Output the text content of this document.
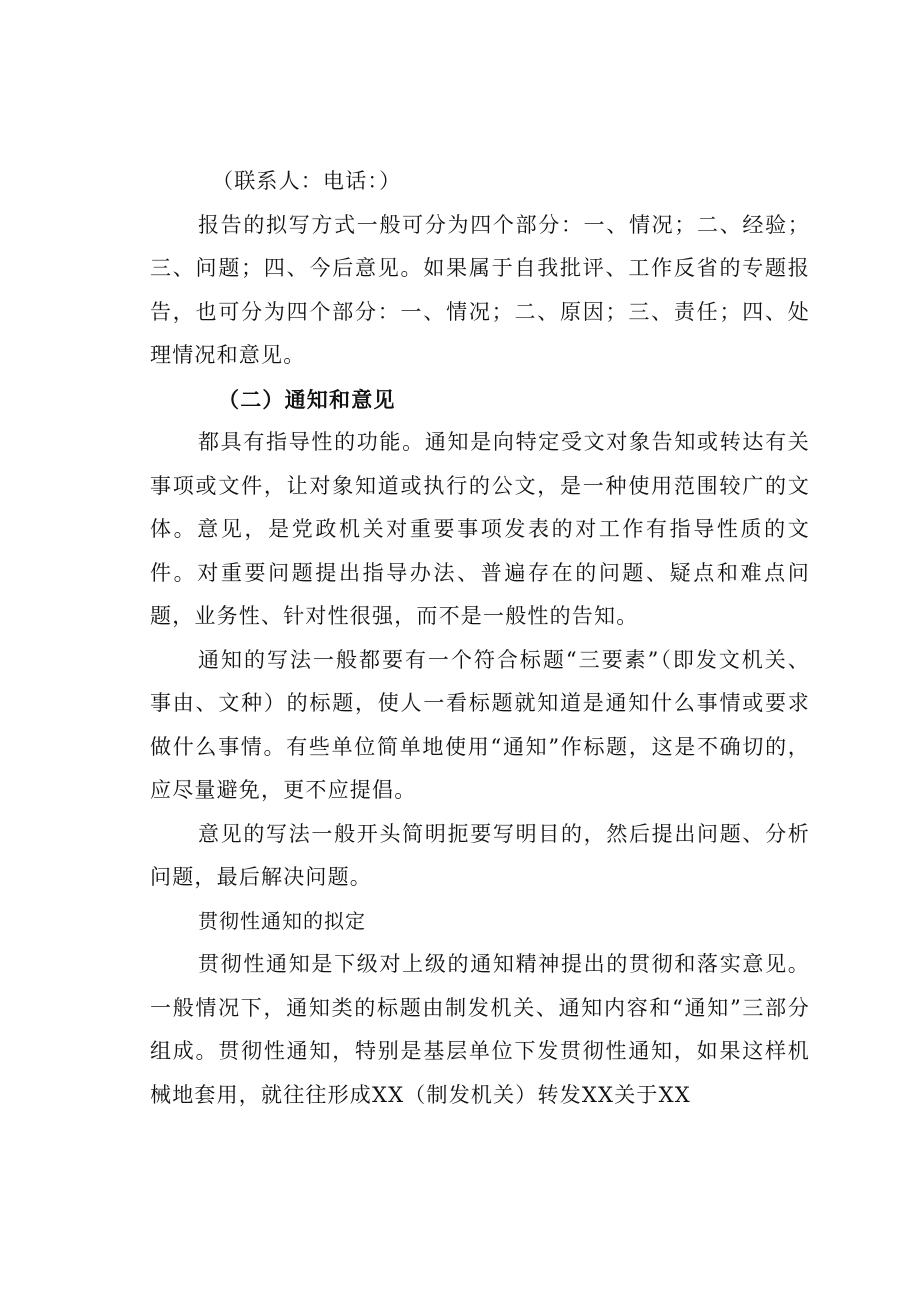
（联系人：电话：）

报告的拟写方式一般可分为四个部分：一、情况；二、经验；三、问题；四、今后意见。如果属于自我批评、工作反省的专题报告，也可分为四个部分：一、情况；二、原因；三、责任；四、处理情况和意见。

（二）通知和意见

都具有指导性的功能。通知是向特定受文对象告知或转达有关事项或文件，让对象知道或执行的公文，是一种使用范围较广的文体。意见，是党政机关对重要事项发表的对工作有指导性质的文件。对重要问题提出指导办法、普遍存在的问题、疑点和难点问题，业务性、针对性很强，而不是一般性的告知。

通知的写法一般都要有一个符合标题“三要素”（即发文机关、事由、文种）的标题，使人一看标题就知道是通知什么事情或要求做什么事情。有些单位简单地使用“通知”作标题，这是不确切的，应尽量避免，更不应提倡。

意见的写法一般开头简明扼要写明目的，然后提出问题、分析问题，最后解决问题。

贯彻性通知的拟定

贯彻性通知是下级对上级的通知精神提出的贯彻和落实意见。一般情况下，通知类的标题由制发机关、通知内容和“通知”三部分组成。贯彻性通知，特别是基层单位下发贯彻性通知，如果这样机械地套用，就往往形成XX（制发机关）转发XX关于XX
